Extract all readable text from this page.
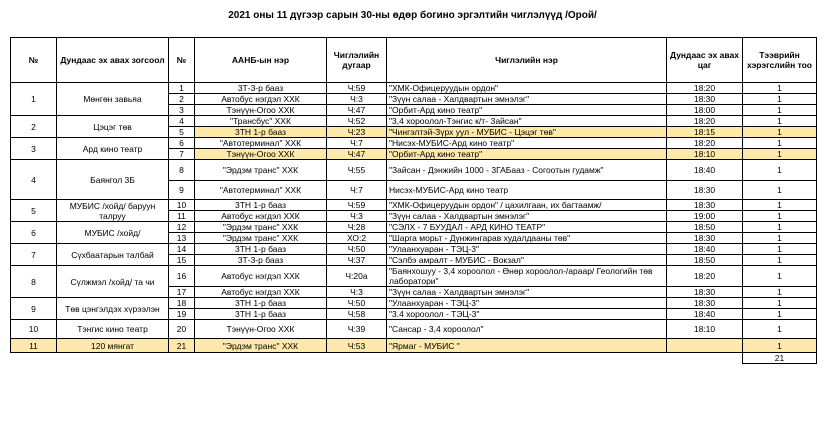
2021 оны 11 дүгээр сарын 30-ны өдөр богино эргэлтийн чиглэлүүд /Орой/
№	Дундаас эх авах зогсоол	№	ААНБ-ын нэр	Чиглэлийн дугаар	Чиглэлийн нэр	Дундаас эх авах цаг	Тээврийн хэрэгслийн тоо
1	Мөнгөн завьяа	1	3Т-3-р бааз	Ч:59	"ХМК-Офицеруудын ордон"	18:20	1
		2	Автобус нэгдэл ХХК	Ч:3	"Зүүн салаа - Халдвартын эмнэлэг"	18:30	1
		3	Тэнүүн-Огоо ХХК	Ч:47	"Орбит-Ард кино театр"	18:00	1
2	Цэцэг төв	4	"Трансбус" ХХК	Ч:52	"3,4 хороолол-Тэнгис к/т- Зайсан"	18:20	1
		5	3ТН 1-р бааз	Ч:23	"Чингэлтэй-Зүрх уул - МУБИС - Цэцэг төв"	18:15	1
3	Ард кино театр	6	"Автотерминал" ХХК	Ч:7	"Нисэх-МУБИС-Ард кино театр"	18:20	1
		7	Тэнүүн-Огоо ХХК	Ч:47	"Орбит-Ард кино театр"	18:10	1
4	Баянгол 3Б	8	"Эрдэм транс" ХХК	Ч:55	"Зайсан - Дэнжийн 1000 - 3ГАБааз - Согоотын гудамж"	18:40	1
		9	"Автотерминал" ХХК	Ч:7	Нисэх-МУБИС-Ард кино театр	18:30	1
5	МУБИС /хойд/ баруун талруу	10	3ТН 1-р бааз	Ч:59	"ХМК-Офицеруудын ордон" / цахилгаан, их багтаамж/	18:30	1
		11	Автобус нэгдэл ХХК	Ч:3	"Зүүн салаа - Халдвартын эмнэлэг"	19:00	1
6	МУБИС /хойд/	12	"Эрдэм транс" ХХК	Ч:28	"СЭЛХ - 7 БУУДАЛ - АРД КИНО ТЕАТР"	18:50	1
		13	"Эрдэм транс" ХХК	ХО:2	"Шарга морьт - Дүнжингарав худалдааны төв"	18:30	1
7	Сүхбаатарын талбай	14	3ТН 1-р бааз	Ч:50	"Улаанхуаран - ТЭЦ-3"	18:40	1
		15	3Т-3-р бааз	Ч:37	"Сэлбэ амралт - МУБИС - Вокзал"	18:50	1
8	Сүлжмэл /хойд/ та чи	16	Автобус нэгдэл ХХК	Ч:20а	"Баянхошуу - 3,4 хороолол - Өнөр хороолол-/араар/ Геологийн төв лаборатори"	18:20	1
		17	Автобус нэгдэл ХХК	Ч:3	"Зүүн салаа - Халдвартын эмнэлэг"	18:30	1
9	Төв цэнгэлдэх хүрээлэн	18	3ТН 1-р бааз	Ч:50	"Улаанхуаран - ТЭЦ-3"	18:30	1
		19	3ТН 1-р бааз	Ч:58	"3.4 хороолол - ТЭЦ-3"	18:40	1
10	Тэнгис кино театр	20	Тэнүүн-Огоо ХХК	Ч:39	"Сансар - 3,4 хороолол"	18:10	1
11	120 мянгат	21	"Эрдэм транс" ХХК	Ч:53	"Ярмаг - МУБИС "		1
							21
